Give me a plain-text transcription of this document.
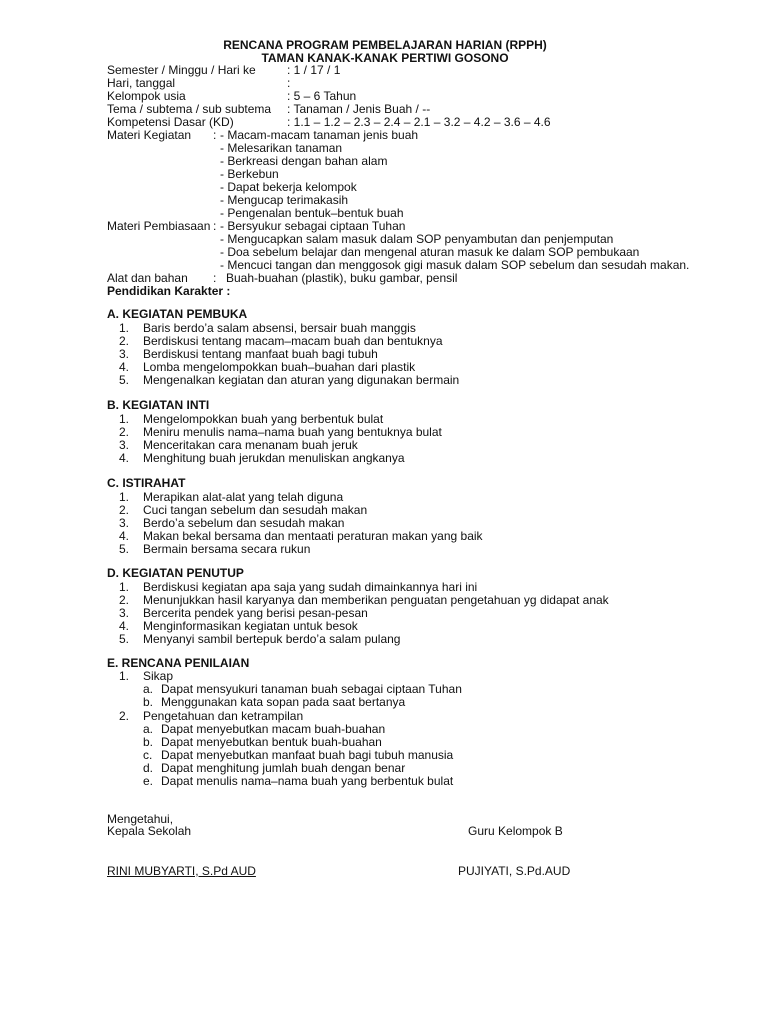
RENCANA PROGRAM PEMBELAJARAN HARIAN (RPPH)
TAMAN KANAK-KANAK PERTIWI GOSONO
Semester / Minggu / Hari ke	: 1 / 17 / 1
Hari, tanggal	:
Kelompok usia	: 5 – 6 Tahun
Tema / subtema / sub subtema : Tanaman / Jenis Buah / --
Kompetensi Dasar (KD)	: 1.1 – 1.2 – 2.3 – 2.4 – 2.1 – 3.2 – 4.2 – 3.6 – 4.6
Materi Kegiatan : - Macam-macam tanaman jenis buah
- Melesarikan tanaman
- Berkreasi dengan bahan alam
- Berkebun
- Dapat bekerja kelompok
- Mengucap terimakasih
- Pengenalan bentuk–bentuk buah
Materi Pembiasaan : - Bersyukur sebagai ciptaan Tuhan
- Mengucapkan salam masuk dalam SOP penyambutan dan penjemputan
- Doa sebelum belajar dan mengenal aturan masuk ke dalam SOP pembukaan
- Mencuci tangan dan menggosok gigi masuk dalam SOP sebelum dan sesudah makan.
Alat dan bahan : Buah-buahan (plastik), buku gambar, pensil
Pendidikan Karakter :
A. KEGIATAN PEMBUKA
1. Baris berdo’a salam absensi, bersair buah manggis
2. Berdiskusi tentang macam–macam buah dan bentuknya
3. Berdiskusi tentang manfaat buah bagi tubuh
4. Lomba mengelompokkan buah–buahan dari plastik
5. Mengenalkan kegiatan dan aturan yang digunakan bermain
B. KEGIATAN INTI
1. Mengelompokkan buah yang berbentuk bulat
2. Meniru menulis nama–nama buah yang bentuknya bulat
3. Menceritakan cara menanam buah jeruk
4. Menghitung buah jerukdan menuliskan angkanya
C. ISTIRAHAT
1. Merapikan alat-alat yang telah diguna
2. Cuci tangan sebelum dan sesudah makan
3. Berdo’a sebelum dan sesudah makan
4. Makan bekal bersama dan mentaati peraturan makan yang baik
5. Bermain bersama secara rukun
D. KEGIATAN PENUTUP
1. Berdiskusi kegiatan apa saja yang sudah dimainkannya hari ini
2. Menunjukkan hasil karyanya dan memberikan penguatan pengetahuan yg didapat anak
3. Bercerita pendek yang berisi pesan-pesan
4. Menginformasikan kegiatan untuk besok
5. Menyanyi sambil bertepuk berdo’a salam pulang
E. RENCANA PENILAIAN
1. Sikap
a. Dapat mensyukuri tanaman buah sebagai ciptaan Tuhan
b. Menggunakan kata sopan pada saat bertanya
2. Pengetahuan dan ketrampilan
a. Dapat menyebutkan macam buah-buahan
b. Dapat menyebutkan bentuk buah-buahan
c. Dapat menyebutkan manfaat buah bagi tubuh manusia
d. Dapat menghitung jumlah buah dengan benar
e. Dapat menulis nama–nama buah yang berbentuk bulat
Mengetahui,
Kepala Sekolah	Guru Kelompok B
RINI MUBYARTI, S.Pd AUD	PUJIYATI, S.Pd.AUD
